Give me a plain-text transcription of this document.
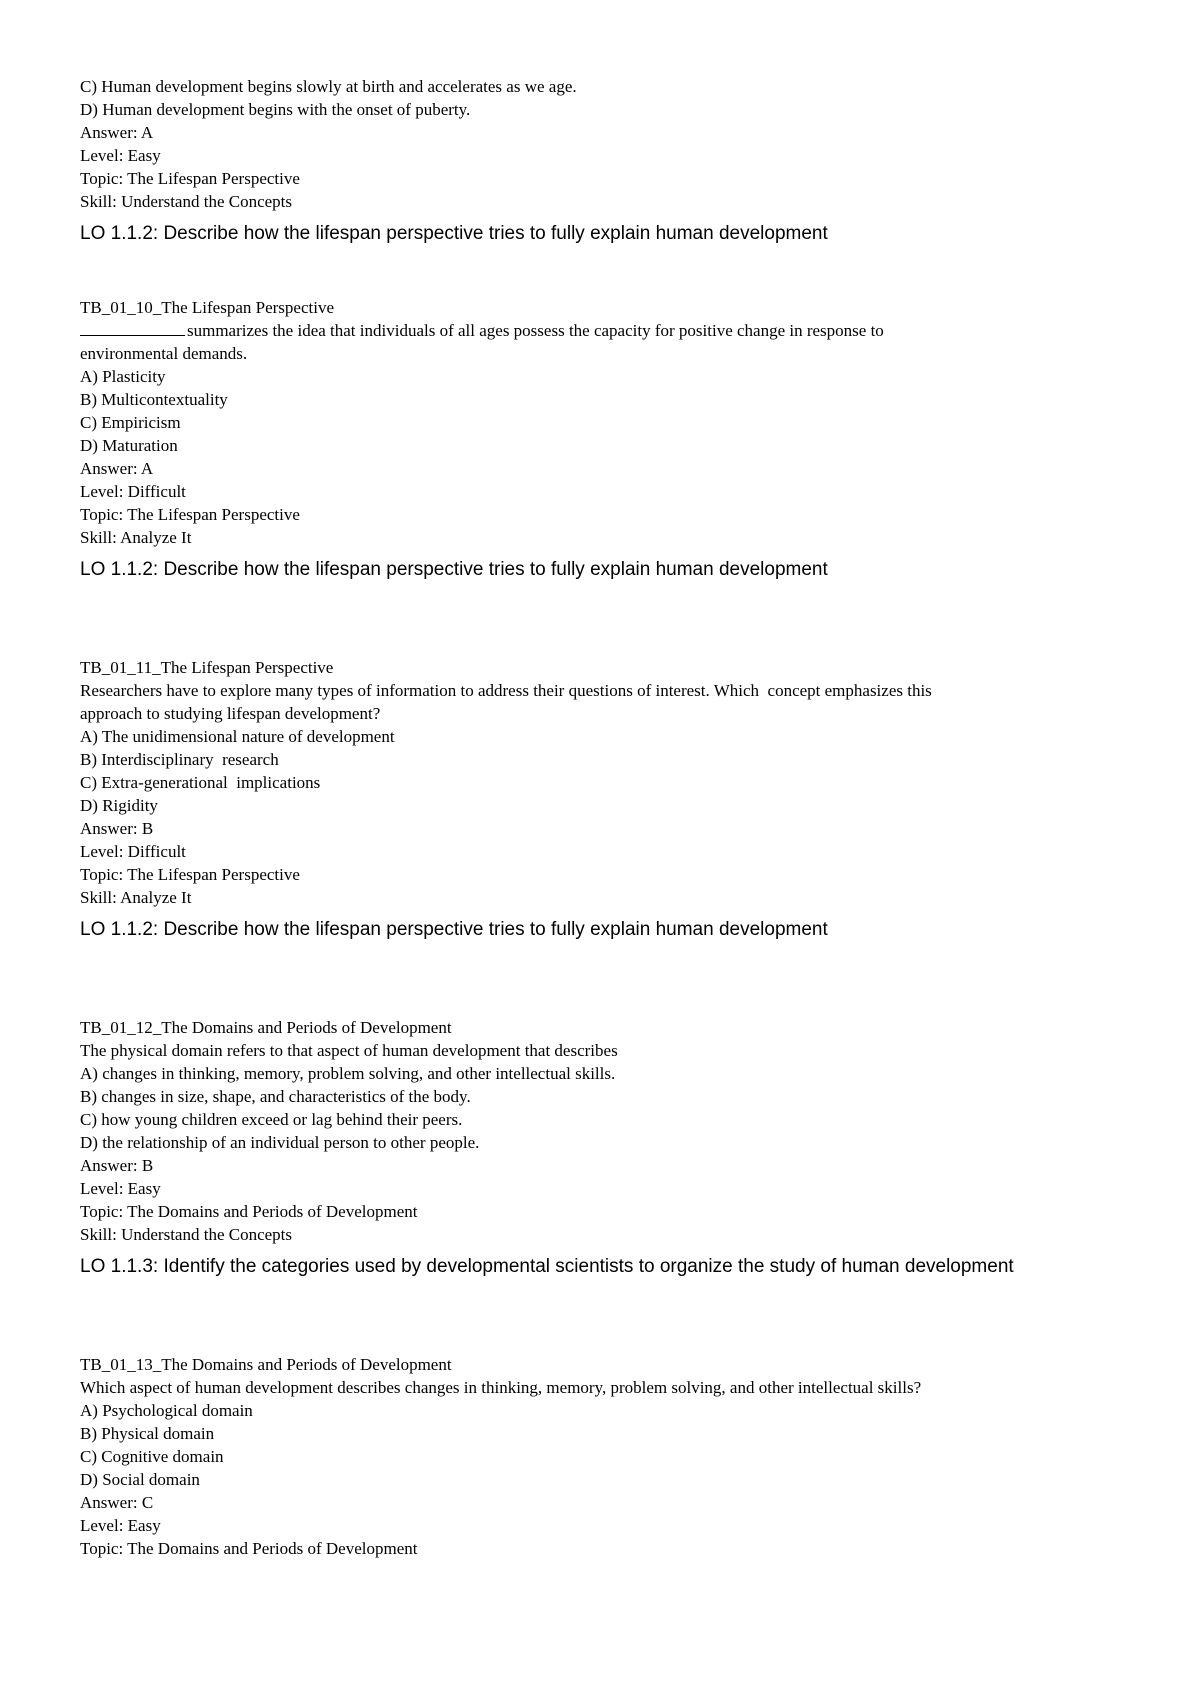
C) Human development begins slowly at birth and accelerates as we age.

D) Human development begins with the onset of puberty.

Answer: A

Level: Easy

Topic: The Lifespan Perspective

Skill: Understand the Concepts

LO 1.1.2: Describe how the lifespan perspective tries to fully explain human development

TB_01_10_The Lifespan Perspective

summarizes the idea that individuals of all ages possess the capacity for positive change in response to

environmental demands.

A) Plasticity

B) Multicontextuality

C) Empiricism

D) Maturation

Answer: A

Level: Difficult

Topic: The Lifespan Perspective

Skill: Analyze It

LO 1.1.2: Describe how the lifespan perspective tries to fully explain human development

TB_01_11_The Lifespan Perspective

Researchers have to explore many types of information to address their questions of interest. Which  concept emphasizes this

approach to studying lifespan development?

A) The unidimensional nature of development

B) Interdisciplinary  research

C) Extra-generational  implications

D) Rigidity

Answer: B

Level: Difficult

Topic: The Lifespan Perspective

Skill: Analyze It

LO 1.1.2: Describe how the lifespan perspective tries to fully explain human development

TB_01_12_The Domains and Periods of Development

The physical domain refers to that aspect of human development that describes

A) changes in thinking, memory, problem solving, and other intellectual skills.

B) changes in size, shape, and characteristics of the body.

C) how young children exceed or lag behind their peers.

D) the relationship of an individual person to other people.

Answer: B

Level: Easy

Topic: The Domains and Periods of Development

Skill: Understand the Concepts

LO 1.1.3: Identify the categories used by developmental scientists to organize the study of human development

TB_01_13_The Domains and Periods of Development

Which aspect of human development describes changes in thinking, memory, problem solving, and other intellectual skills?

A) Psychological domain

B) Physical domain

C) Cognitive domain

D) Social domain

Answer: C

Level: Easy

Topic: The Domains and Periods of Development
